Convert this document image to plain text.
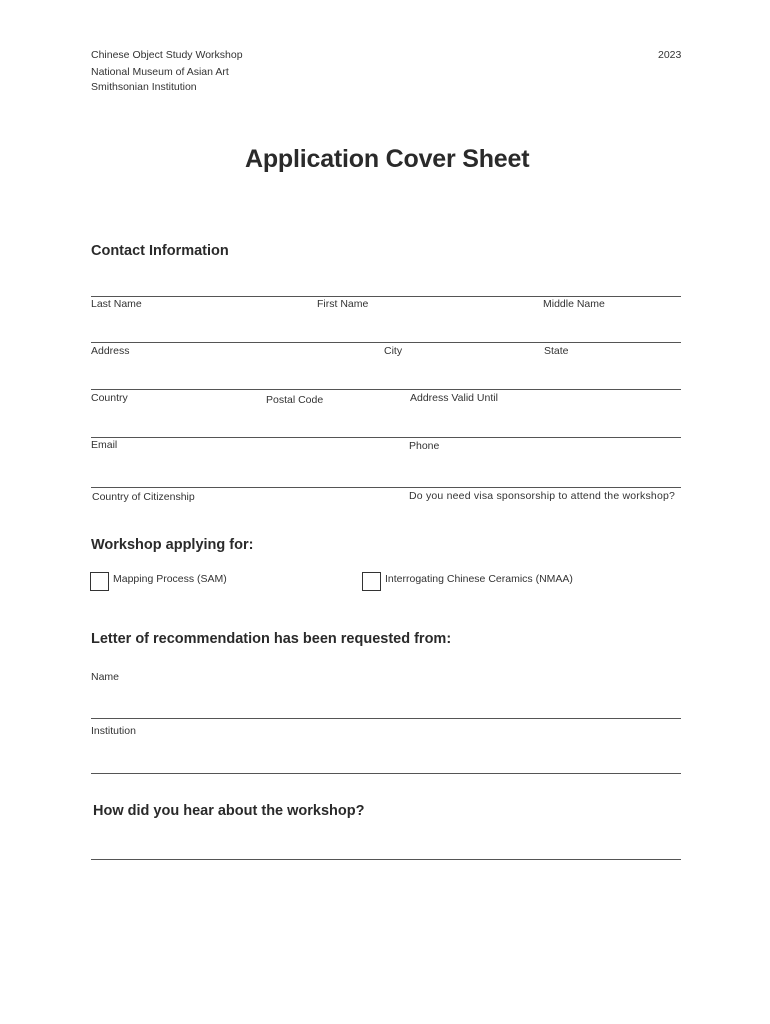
Chinese Object Study Workshop
National Museum of Asian Art
Smithsonian Institution
2023
Application Cover Sheet
Contact Information
Last Name	First Name	Middle Name
Address	City	State
Country	Postal Code	Address Valid Until
Email	Phone
Country of Citizenship	Do you need visa sponsorship to attend the workshop?
Workshop applying for:
Mapping Process (SAM)	Interrogating Chinese Ceramics (NMAA)
Letter of recommendation has been requested from:
Name
Institution
How did you hear about the workshop?
